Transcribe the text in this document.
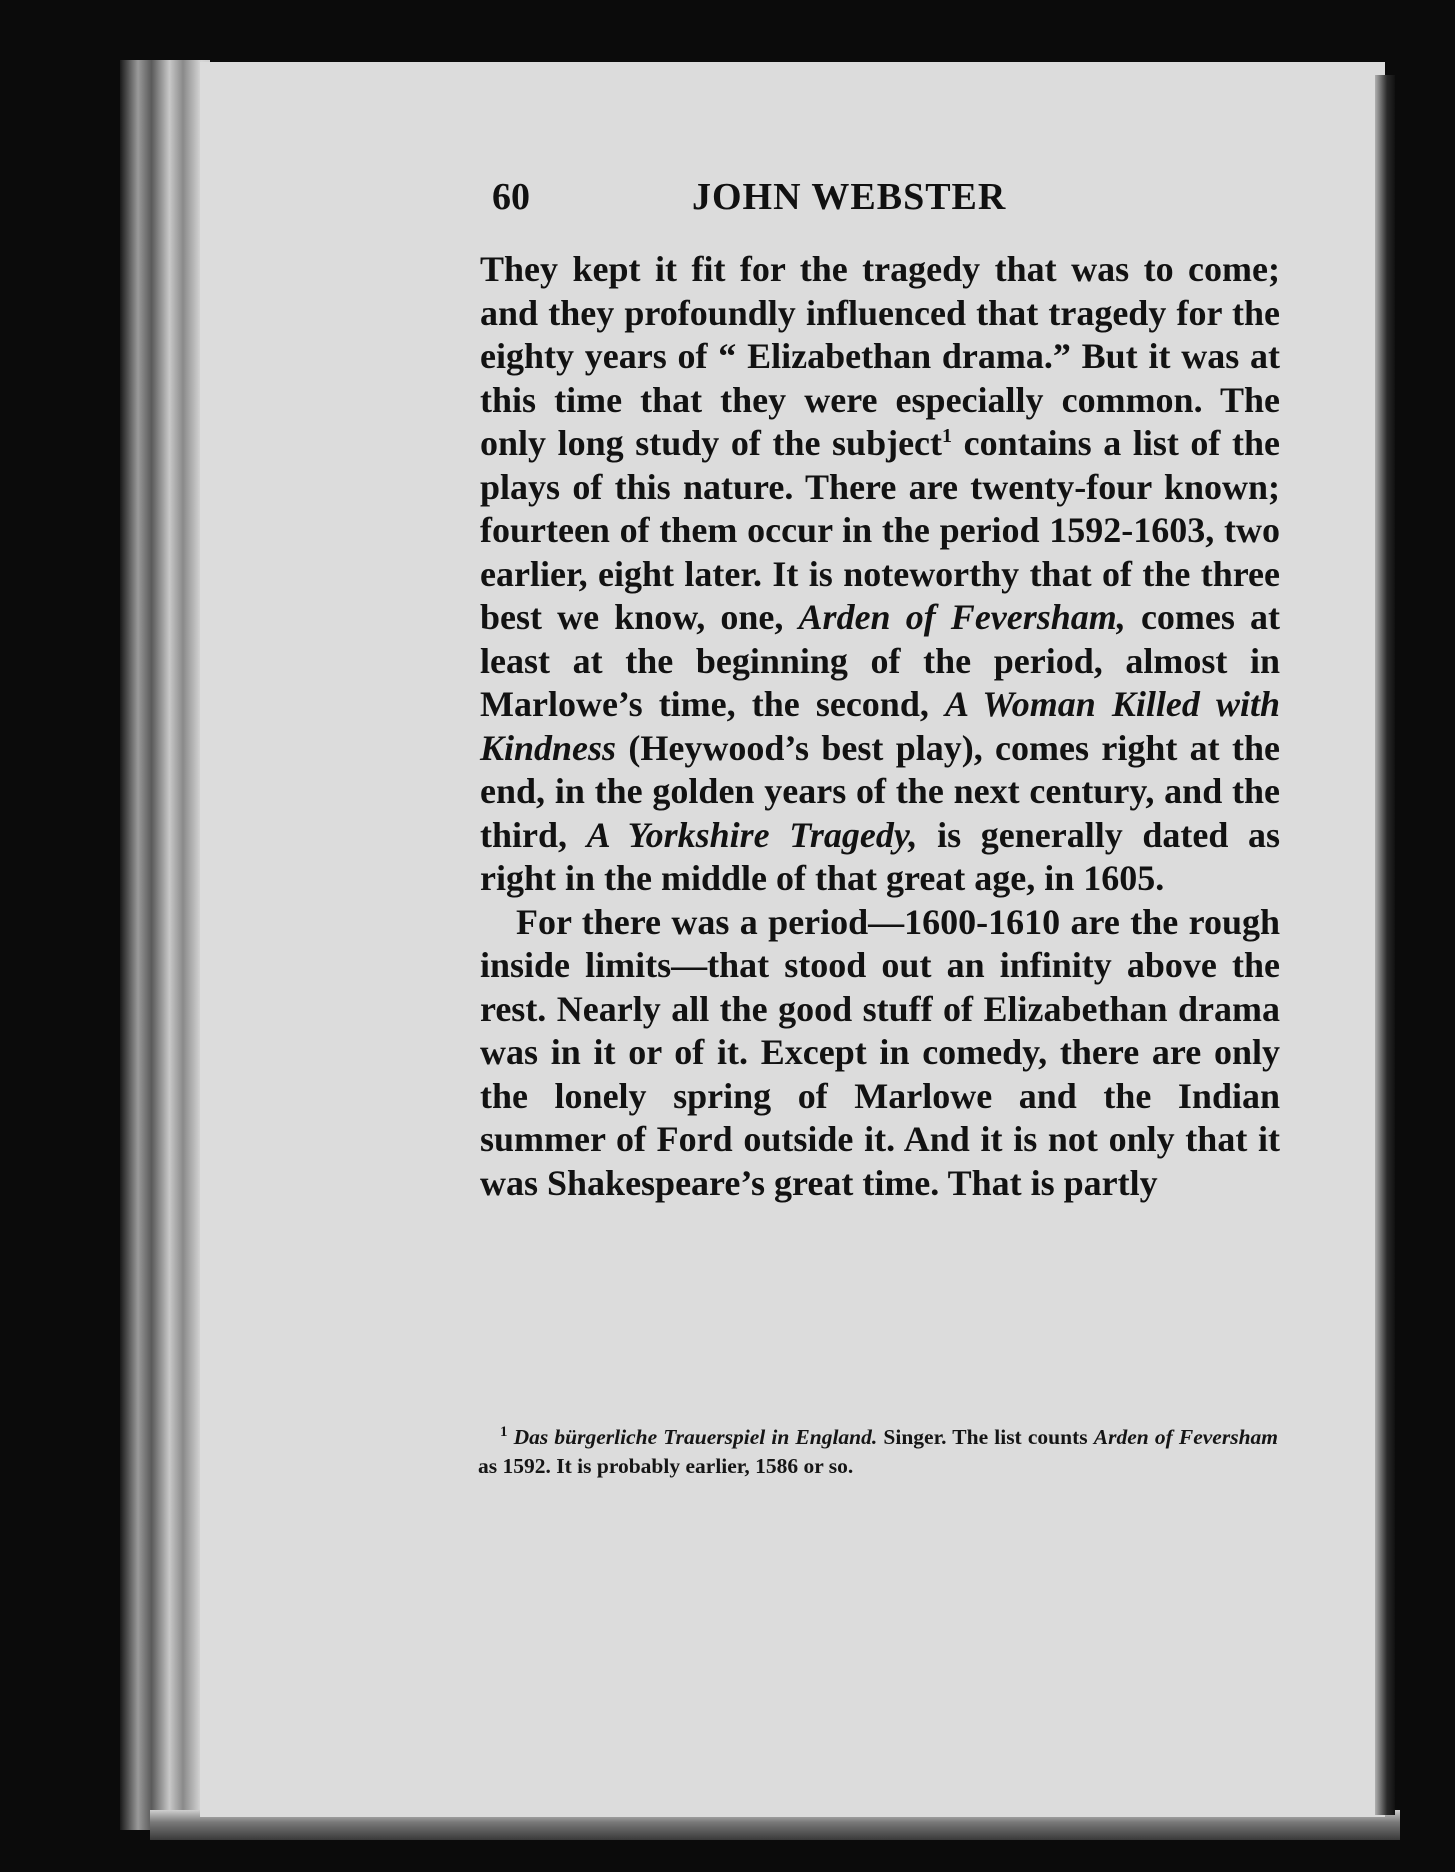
60	JOHN WEBSTER

They kept it fit for the tragedy that was to come; and they profoundly influenced that tragedy for the eighty years of “ Elizabethan drama.” But it was at this time that they were especially common. The only long study of the subject$^1$ contains a list of the plays of this nature. There are twenty-four known; fourteen of them occur in the period 1592-1603, two earlier, eight later. It is noteworthy that of the three best we know, one, Arden of Feversham, comes at least at the beginning of the period, almost in Marlowe’s time, the second, A Woman Killed with Kindness (Heywood’s best play), comes right at the end, in the golden years of the next century, and the third, A Yorkshire Tragedy, is generally dated as right in the middle of that great age, in 1605.

For there was a period—1600-1610 are the rough inside limits—that stood out an infinity above the rest. Nearly all the good stuff of Elizabethan drama was in it or of it. Except in comedy, there are only the lonely spring of Marlowe and the Indian summer of Ford outside it. And it is not only that it was Shakespeare’s great time. That is partly

$^1$ Das bürgerliche Trauerspiel in England. Singer. The list counts Arden of Feversham as 1592. It is probably earlier, 1586 or so.
